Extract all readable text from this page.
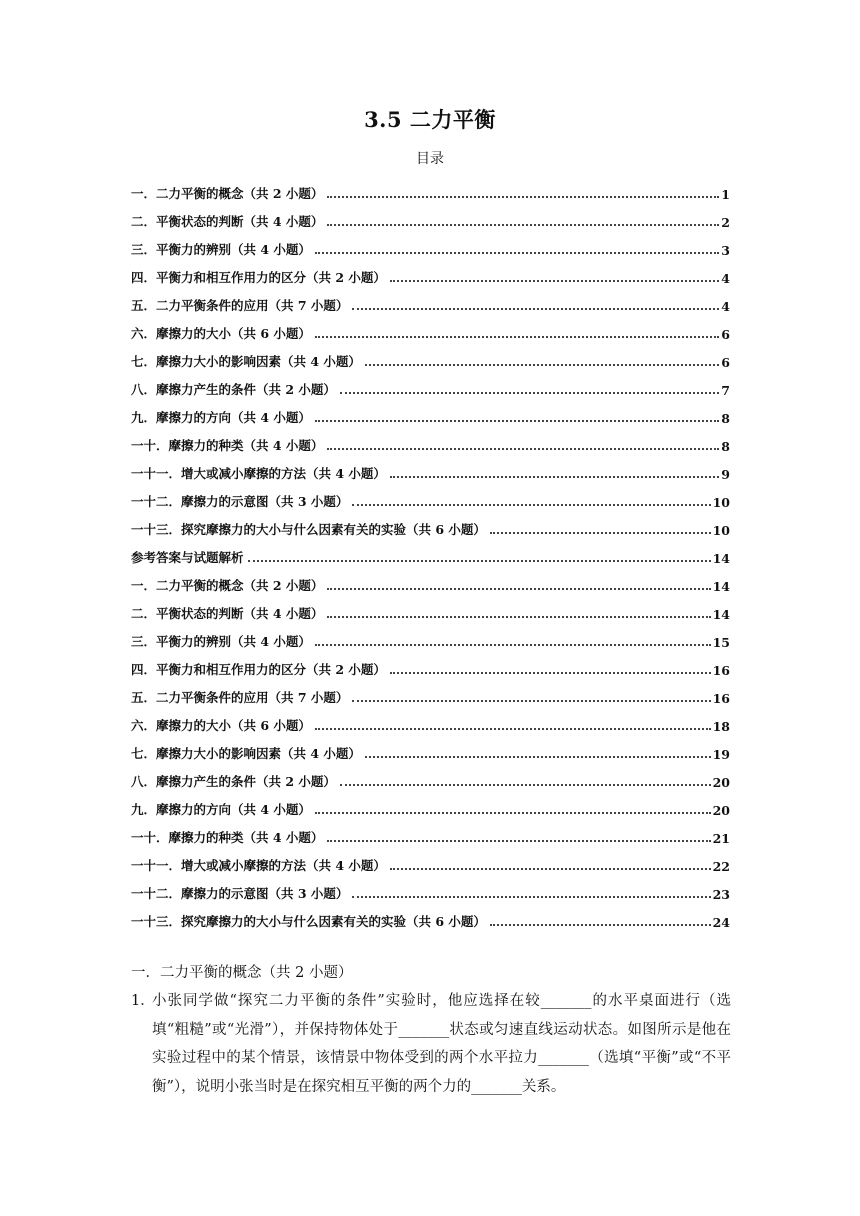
3.5 二力平衡
目录
一．二力平衡的概念（共 2 小题）	1
二．平衡状态的判断（共 4 小题）	2
三．平衡力的辨别（共 4 小题）	3
四．平衡力和相互作用力的区分（共 2 小题）	4
五．二力平衡条件的应用（共 7 小题）	4
六．摩擦力的大小（共 6 小题）	6
七．摩擦力大小的影响因素（共 4 小题）	6
八．摩擦力产生的条件（共 2 小题）	7
九．摩擦力的方向（共 4 小题）	8
一十．摩擦力的种类（共 4 小题）	8
一十一．增大或减小摩擦的方法（共 4 小题）	9
一十二．摩擦力的示意图（共 3 小题）	10
一十三．探究摩擦力的大小与什么因素有关的实验（共 6 小题）	10
参考答案与试题解析	14
一．二力平衡的概念（共 2 小题）	14
二．平衡状态的判断（共 4 小题）	14
三．平衡力的辨别（共 4 小题）	15
四．平衡力和相互作用力的区分（共 2 小题）	16
五．二力平衡条件的应用（共 7 小题）	16
六．摩擦力的大小（共 6 小题）	18
七．摩擦力大小的影响因素（共 4 小题）	19
八．摩擦力产生的条件（共 2 小题）	20
九．摩擦力的方向（共 4 小题）	20
一十．摩擦力的种类（共 4 小题）	21
一十一．增大或减小摩擦的方法（共 4 小题）	22
一十二．摩擦力的示意图（共 3 小题）	23
一十三．探究摩擦力的大小与什么因素有关的实验（共 6 小题）	24
一．二力平衡的概念（共 2 小题）
1．
小张同学做“探究二力平衡的条件”实验时，他应选择在较_______的水平桌面进行（选填“粗糙”或“光滑”），并保持物体处于_______状态或匀速直线运动状态。如图所示是他在实验过程中的某个情景，该情景中物体受到的两个水平拉力_______（选填“平衡”或“不平衡”），说明小张当时是在探究相互平衡的两个力的_______关系。
